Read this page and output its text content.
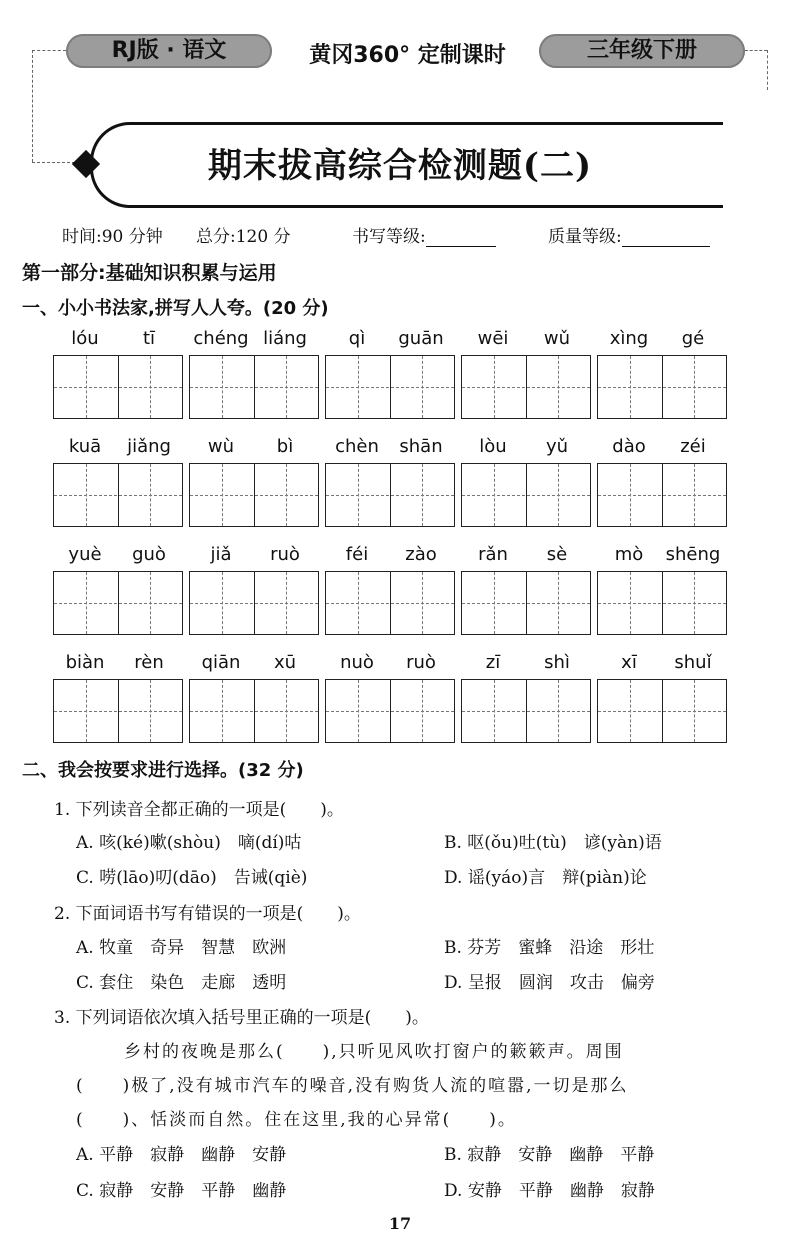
RJ版 · 语文	黄冈360° 定制课时	三年级下册
期末拔高综合检测题(二)
时间:90 分钟 总分:120 分	书写等级:	质量等级:
第一部分:基础知识积累与运用
一、小小书法家,拼写人人夸。(20 分)
lóu	tī	chéng liáng	qì	guān	wēi	wǔ	xìng	gé
kuā	jiǎng	wù	bì	chèn	shān	lòu	yǔ	dào	zéi
yuè	guò	jiǎ	ruò	féi	zào	rǎn	sè	mò	shēng
biàn	rèn	qiān	xū	nuò	ruò	zī	shì	xī	shuǐ
二、我会按要求进行选择。(32 分)
1. 下列读音全都正确的一项是(　　)。
A. 咳(ké)嗽(shòu)　嘀(dí)咕	B. 呕(ǒu)吐(tù)　谚(yàn)语
C. 唠(lāo)叨(dāo)　告诫(qiè)	D. 谣(yáo)言　辩(piàn)论
2. 下面词语书写有错误的一项是(　　)。
A. 牧童　奇异　智慧　欧洲	B. 芬芳　蜜蜂　沿途　形壮
C. 套住　染色　走廊　透明	D. 呈报　圆润　攻击　偏旁
3. 下列词语依次填入括号里正确的一项是(　　)。
乡村的夜晚是那么(　　),只听见风吹打窗户的簌簌声。周围
(　　)极了,没有城市汽车的噪音,没有购货人流的喧嚣,一切是那么
(　　)、恬淡而自然。住在这里,我的心异常(　　)。
A. 平静　寂静　幽静　安静	B. 寂静　安静　幽静　平静
C. 寂静　安静　平静　幽静	D. 安静　平静　幽静　寂静
17
